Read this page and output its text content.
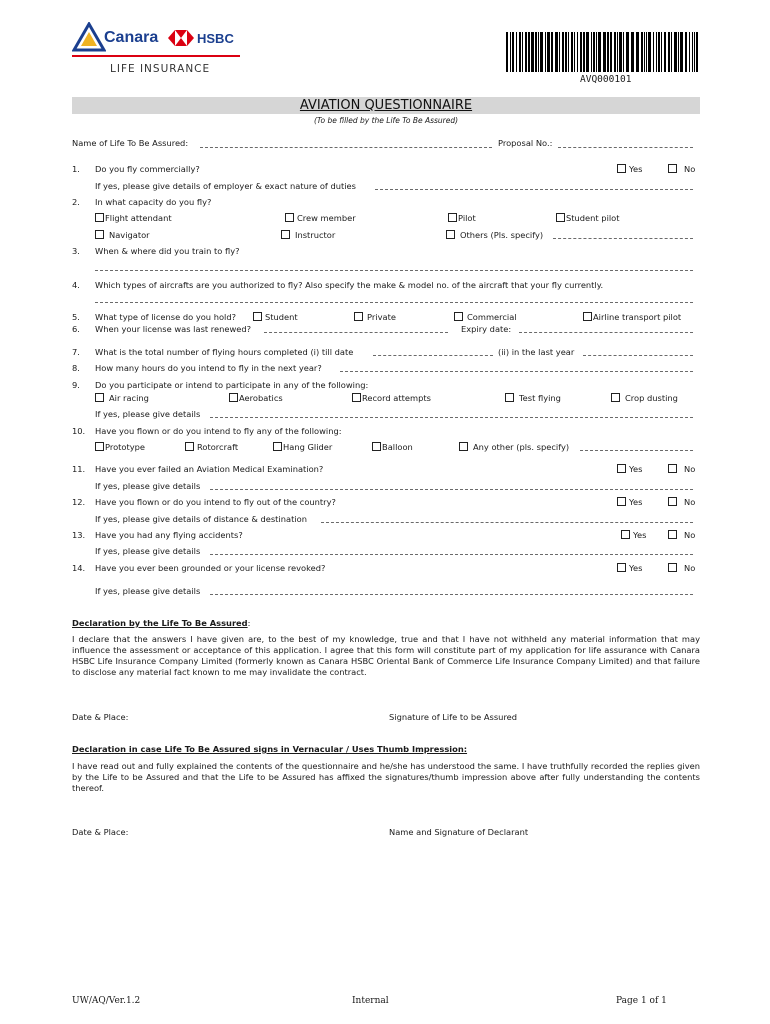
Canara	HSBC
LIFE INSURANCE
AVQ000101
AVIATION QUESTIONNAIRE
(To be filled by the Life To Be Assured)
Name of Life To Be Assured:	Proposal No.:
1. Do you fly commercially?	Yes	No
If yes, please give details of employer & exact nature of duties
2. In what capacity do you fly?
Flight attendant	Crew member	Pilot	Student pilot
Navigator	Instructor	Others (Pls. specify)
3. When & where did you train to fly?
4. Which types of aircrafts are you authorized to fly? Also specify the make & model no. of the aircraft that your fly currently.
5. What type of license do you hold?	Student	Private	Commercial	Airline transport pilot
6. When your license was last renewed?	Expiry date:
7. What is the total number of flying hours completed (i) till date	(ii) in the last year
8. How many hours do you intend to fly in the next year?
9. Do you participate or intend to participate in any of the following:
Air racing	Aerobatics	Record attempts	Test flying	Crop dusting
If yes, please give details
10. Have you flown or do you intend to fly any of the following:
Prototype	Rotorcraft	Hang Glider	Balloon	Any other (pls. specify)
11. Have you ever failed an Aviation Medical Examination?	Yes	No
If yes, please give details
12. Have you flown or do you intend to fly out of the country?	Yes	No
If yes, please give details of distance & destination
13. Have you had any flying accidents?	Yes	No
If yes, please give details
14. Have you ever been grounded or your license revoked?	Yes	No
If yes, please give details
Declaration by the Life To Be Assured:
I declare that the answers I have given are, to the best of my knowledge, true and that I have not withheld any material information that may influence the assessment or acceptance of this application. I agree that this form will constitute part of my application for life assurance with Canara HSBC Life Insurance Company Limited (formerly known as Canara HSBC Oriental Bank of Commerce Life Insurance Company Limited) and that failure to disclose any material fact known to me may invalidate the contract.
Date & Place:	Signature of Life to be Assured
Declaration in case Life To Be Assured signs in Vernacular / Uses Thumb Impression:
I have read out and fully explained the contents of the questionnaire and he/she has understood the same. I have truthfully recorded the replies given by the Life to be Assured and that the Life to be Assured has affixed the signatures/thumb impression above after fully understanding the contents thereof.
Date & Place:	Name and Signature of Declarant
UW/AQ/Ver.1.2	Internal	Page 1 of 1
